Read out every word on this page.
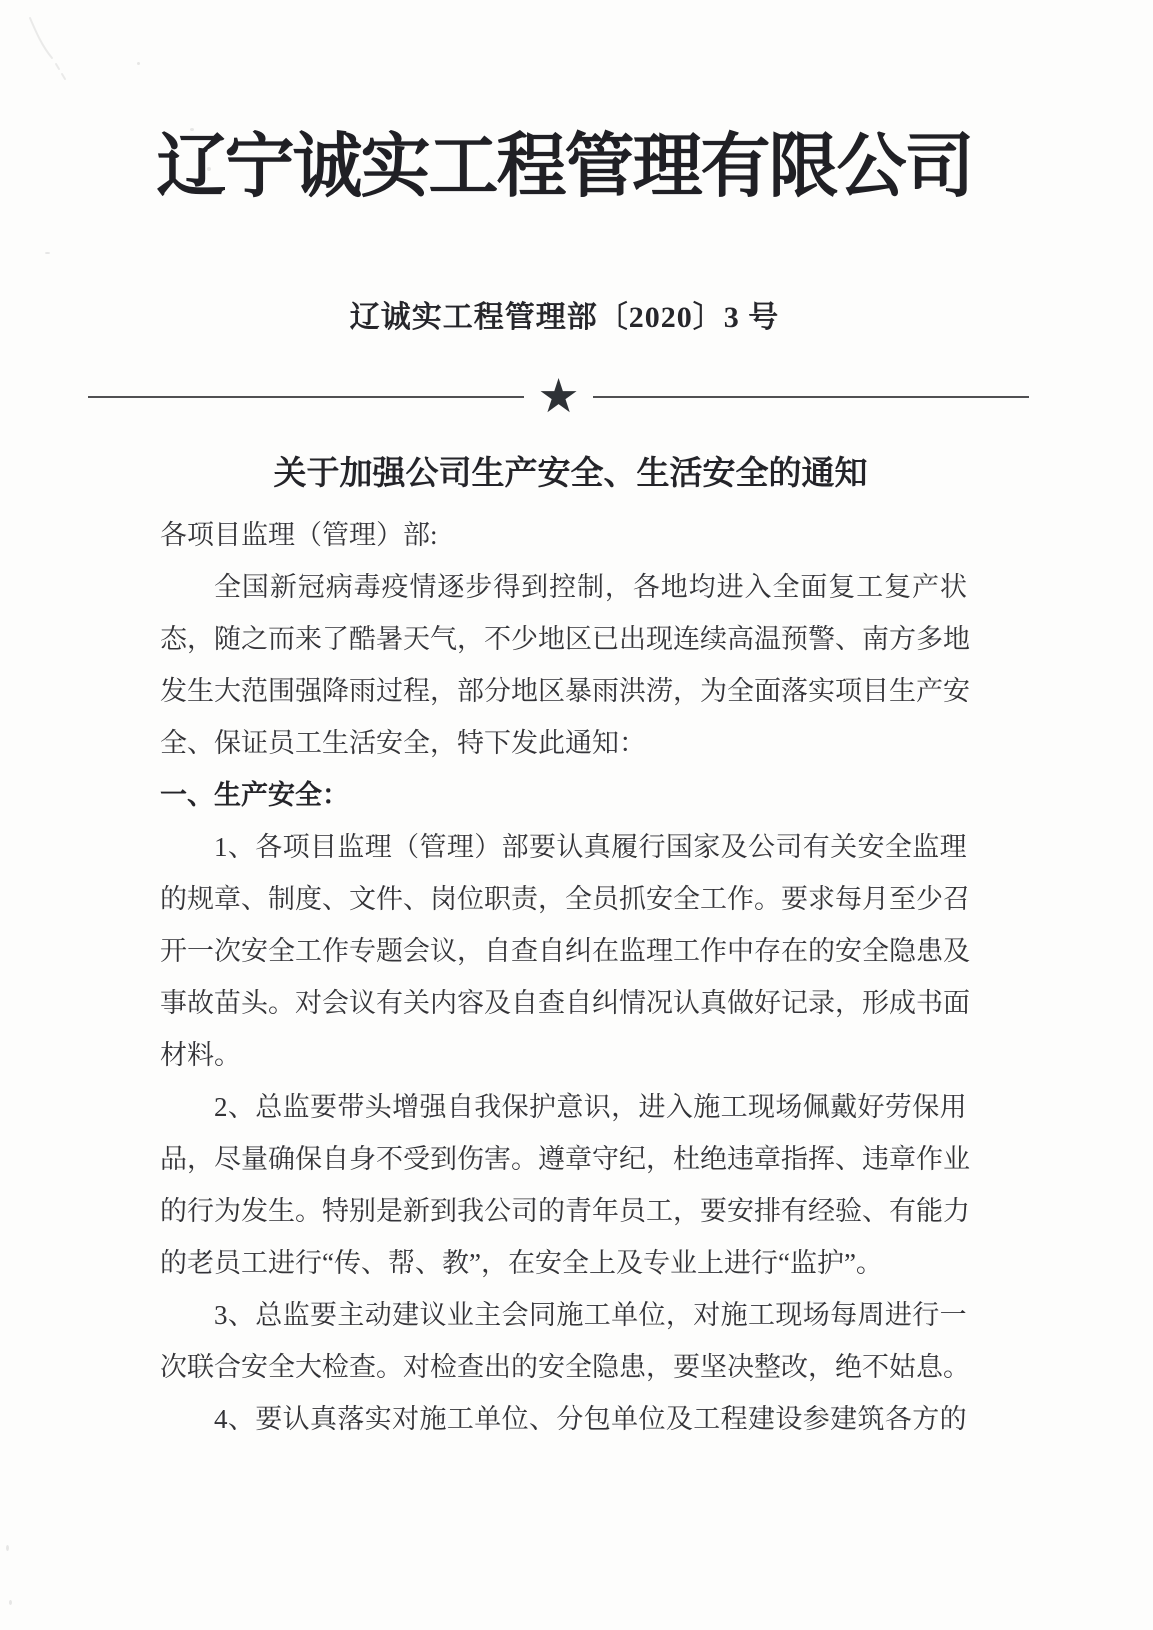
辽宁诚实工程管理有限公司
辽诚实工程管理部〔2020〕3 号
★
关于加强公司生产安全、生活安全的通知
各项目监理（管理）部:
全 国 新 冠 病 毒 疫 情 逐 步 得 到 控 制 ， 各 地 均 进 入 全 面 复 工 复 产 状
态 ， 随 之 而 来 了 酷 暑 天 气 ， 不 少 地 区 已 出 现 连 续 高 温 预 警 、 南 方 多 地
发 生 大 范 围 强 降 雨 过 程 ， 部 分 地 区 暴 雨 洪 涝 ， 为 全 面 落 实 项 目 生 产 安
全、保证员工生活安全，特下发此通知：
一、生产安全：
1 、 各 项 目 监 理 （ 管 理 ） 部 要 认 真 履 行 国 家 及 公 司 有 关 安 全 监 理
的 规 章 、 制 度 、 文 件 、 岗 位 职 责 ， 全 员 抓 安 全 工 作 。 要 求 每 月 至 少 召
开 一 次 安 全 工 作 专 题 会 议 ， 自 查 自 纠 在 监 理 工 作 中 存 在 的 安 全 隐 患 及
事 故 苗 头 。 对 会 议 有 关 内 容 及 自 查 自 纠 情 况 认 真 做 好 记 录 ， 形 成 书 面
材料。
2 、 总 监 要 带 头 增 强 自 我 保 护 意 识 ， 进 入 施 工 现 场 佩 戴 好 劳 保 用
品 ， 尽 量 确 保 自 身 不 受 到 伤 害 。 遵 章 守 纪 ， 杜 绝 违 章 指 挥 、 违 章 作 业
的 行 为 发 生 。 特 别 是 新 到 我 公 司 的 青 年 员 工 ， 要 安 排 有 经 验 、 有 能 力
的老员工进行“传、帮、教”，在安全上及专业上进行“监护”。
3 、 总 监 要 主 动 建 议 业 主 会 同 施 工 单 位 ， 对 施 工 现 场 每 周 进 行 一
次 联 合 安 全 大 检 查 。 对 检 查 出 的 安 全 隐 患 ， 要 坚 决 整 改 ， 绝 不 姑 息 。
4 、 要 认 真 落 实 对 施 工 单 位 、 分 包 单 位 及 工 程 建 设 参 建 筑 各 方 的
